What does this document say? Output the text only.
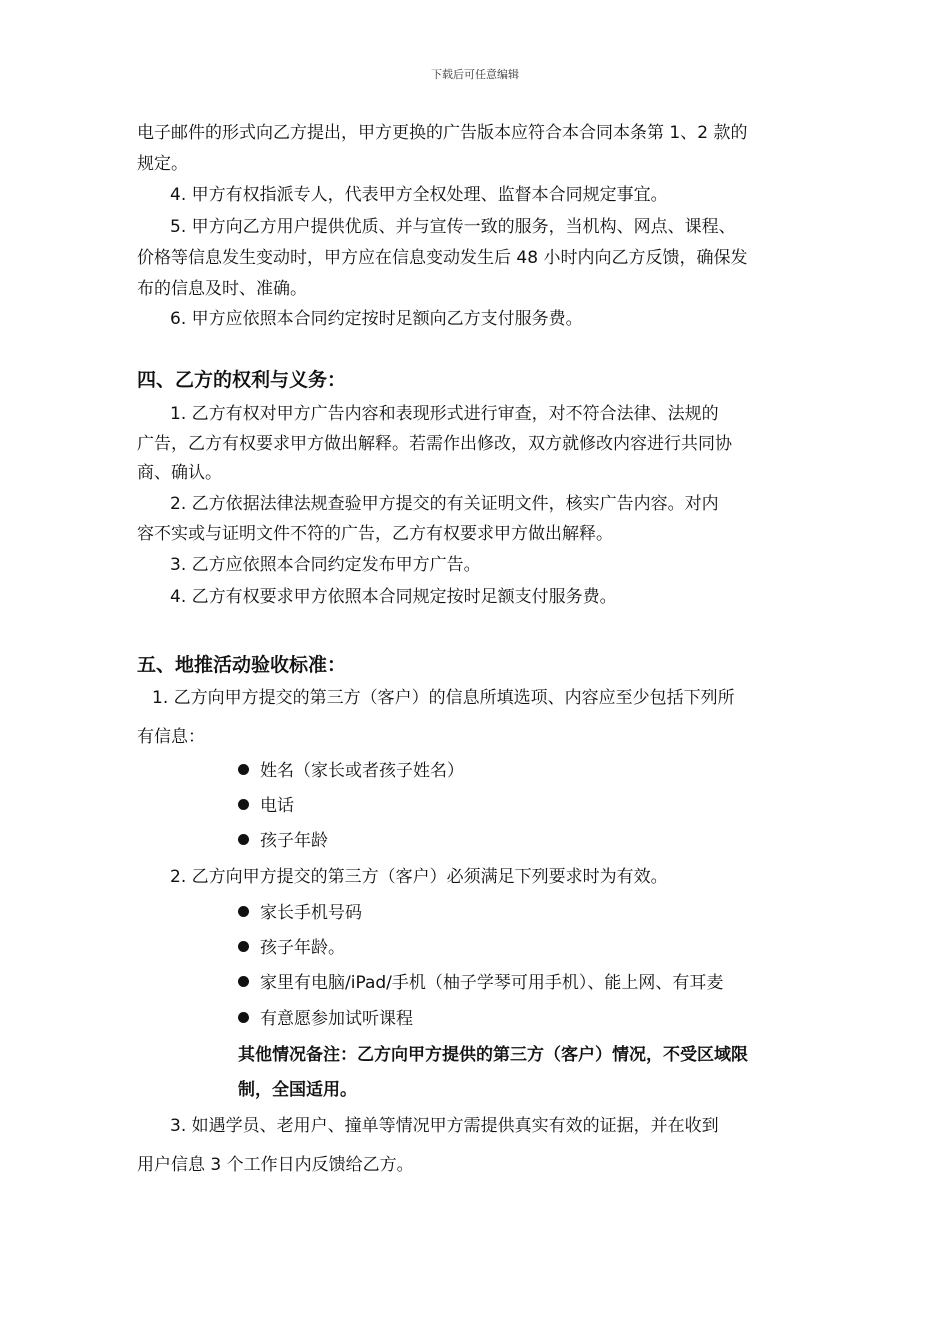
下载后可任意编辑
电子邮件的形式向乙方提出，甲方更换的广告版本应符合本合同本条第 1、2 款的
规定。
4. 甲方有权指派专人，代表甲方全权处理、监督本合同规定事宜。
5. 甲方向乙方用户提供优质、并与宣传一致的服务，当机构、网点、课程、
价格等信息发生变动时，甲方应在信息变动发生后 48 小时内向乙方反馈，确保发
布的信息及时、准确。
6. 甲方应依照本合同约定按时足额向乙方支付服务费。
四、乙方的权利与义务：
1. 乙方有权对甲方广告内容和表现形式进行审查，对不符合法律、法规的
广告，乙方有权要求甲方做出解释。若需作出修改，双方就修改内容进行共同协
商、确认。
2. 乙方依据法律法规查验甲方提交的有关证明文件，核实广告内容。对内
容不实或与证明文件不符的广告，乙方有权要求甲方做出解释。
3. 乙方应依照本合同约定发布甲方广告。
4. 乙方有权要求甲方依照本合同规定按时足额支付服务费。
五、地推活动验收标准：
1. 乙方向甲方提交的第三方（客户）的信息所填选项、内容应至少包括下列所
有信息：
姓名（家长或者孩子姓名）
电话
孩子年龄
2. 乙方向甲方提交的第三方（客户）必须满足下列要求时为有效。
家长手机号码
孩子年龄。
家里有电脑/iPad/手机（柚子学琴可用手机）、能上网、有耳麦
有意愿参加试听课程
其他情况备注：乙方向甲方提供的第三方（客户）情况，不受区域限
制，全国适用。
3. 如遇学员、老用户、撞单等情况甲方需提供真实有效的证据，并在收到
用户信息 3 个工作日内反馈给乙方。
